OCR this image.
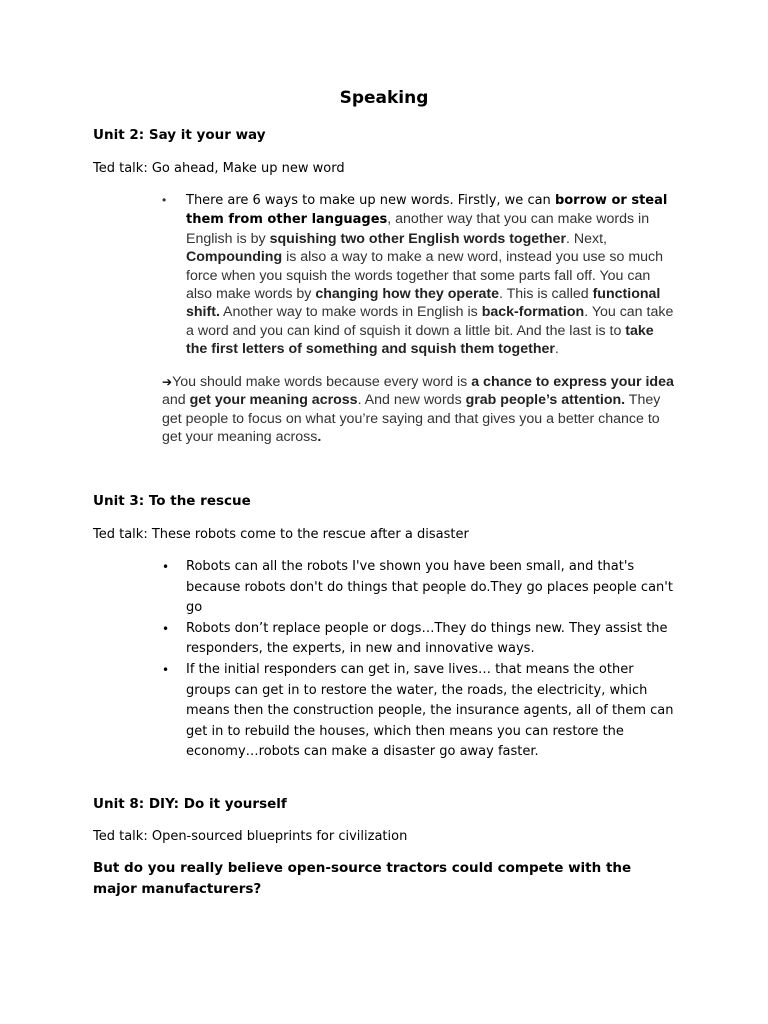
Speaking
Unit 2: Say it your way
Ted talk: Go ahead, Make up new word
• There are 6 ways to make up new words. Firstly, we can borrow or steal them from other languages, another way that you can make words in English is by squishing two other English words together. Next, Compounding is also a way to make a new word, instead you use so much force when you squish the words together that some parts fall off. You can also make words by changing how they operate. This is called functional shift. Another way to make words in English is back-formation. You can take a word and you can kind of squish it down a little bit. And the last is to take the first letters of something and squish them together.

➔You should make words because every word is a chance to express your idea and get your meaning across. And new words grab people’s attention. They get people to focus on what you’re saying and that gives you a better chance to get your meaning across.

Unit 3: To the rescue
Ted talk: These robots come to the rescue after a disaster
• Robots can all the robots I've shown you have been small, and that's because robots don't do things that people do.They go places people can't go
• Robots don’t replace people or dogs…They do things new. They assist the responders, the experts, in new and innovative ways.
• If the initial responders can get in, save lives… that means the other groups can get in to restore the water, the roads, the electricity, which means then the construction people, the insurance agents, all of them can get in to rebuild the houses, which then means you can restore the economy…robots can make a disaster go away faster.
Unit 8: DIY: Do it yourself
Ted talk: Open-sourced blueprints for civilization

But do you really believe open-source tractors could compete with the major manufacturers?
